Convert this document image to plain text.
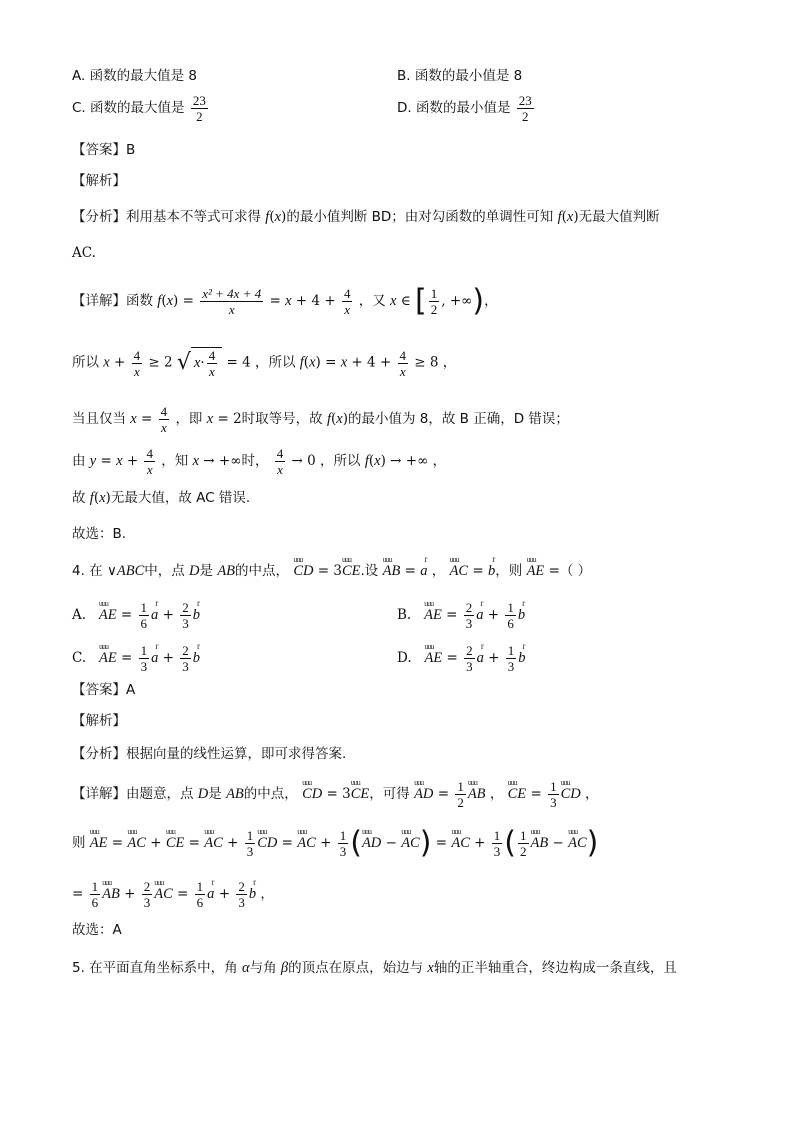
A. 函数的最大值是 8	B. 函数的最小值是 8
C. 函数的最大值是 $\frac{23}{2}$	D. 函数的最小值是 $\frac{23}{2}$
【答案】B
【解析】
【分析】利用基本不等式可求得 f(x)的最小值判断 BD；由对勾函数的单调性可知 f(x)无最大值判断
AC.
【详解】函数 $f(x) = \frac{\text{x² + 4x + 4}}{x} = x + 4 + \frac{4}{x}$ ，又 x ∈ [ $\frac{1}{2}$ , +∞)，
所以 $x + \frac{4}{x} \ge 2$ √ $x\cdot \frac{4}{x} = 4$ ，所以 $f(x) = x + 4 + \frac{4}{x} \ge 8$ ，
当且仅当 $x = \frac{4}{x}$ ，即 x = 2时取等号，故 f(x)的最小值为 8，故 B 正确，D 错误；
由 $y = x + \frac{4}{x}$ ，知 x → +∞时， $\frac{4}{x} \to 0$ ，所以 f(x) → +∞ ，
故 f(x)无最大值，故 AC 错误.
故选：B.
4. 在 ∨ABC中，点 D是 AB的中点， uuu CD = 3uuu CE.设 uuu AB = r a ， uuu AC = r b，则 uuu AE =（ ）
A.   uuu AE = $\frac{1}{6}$ r $a + \frac{2}{3}$ r b	B.   uuu AE = $\frac{2}{3}$ r $a + \frac{1}{6}$ r b
C.   uuu AE = $\frac{1}{3}$ r $a + \frac{2}{3}$ r b	D.   uuu AE = $\frac{2}{3}$ r $a + \frac{1}{3}$ r b
【答案】A
【解析】
【分析】根据向量的线性运算，即可求得答案.
【详解】由题意，点 D是 AB的中点， uuu CD = 3uuu CE，可得 uuu AD = $\frac{1}{2}$ uuu AB ， uuu CE = $\frac{1}{3}$ uuu CD ，
则 uuu AE = uuu AC + uuu CE = uuu AC + $\frac{1}{3}$ uuu CD = uuu AC + $\frac{1}{3} (uuu$ AD − uuu AC) = uuu AC + $\frac{1}{3}$ ( $\frac{1}{2}$ uuu AB − uuu AC)
= $\frac{1}{6}$ uuu AB + $\frac{2}{3}$ uuu AC = $\frac{1}{6}$ r $a + \frac{2}{3}$ r b ，
故选：A
5. 在平面直角坐标系中，角 α与角 β的顶点在原点，始边与 x轴的正半轴重合，终边构成一条直线，且
